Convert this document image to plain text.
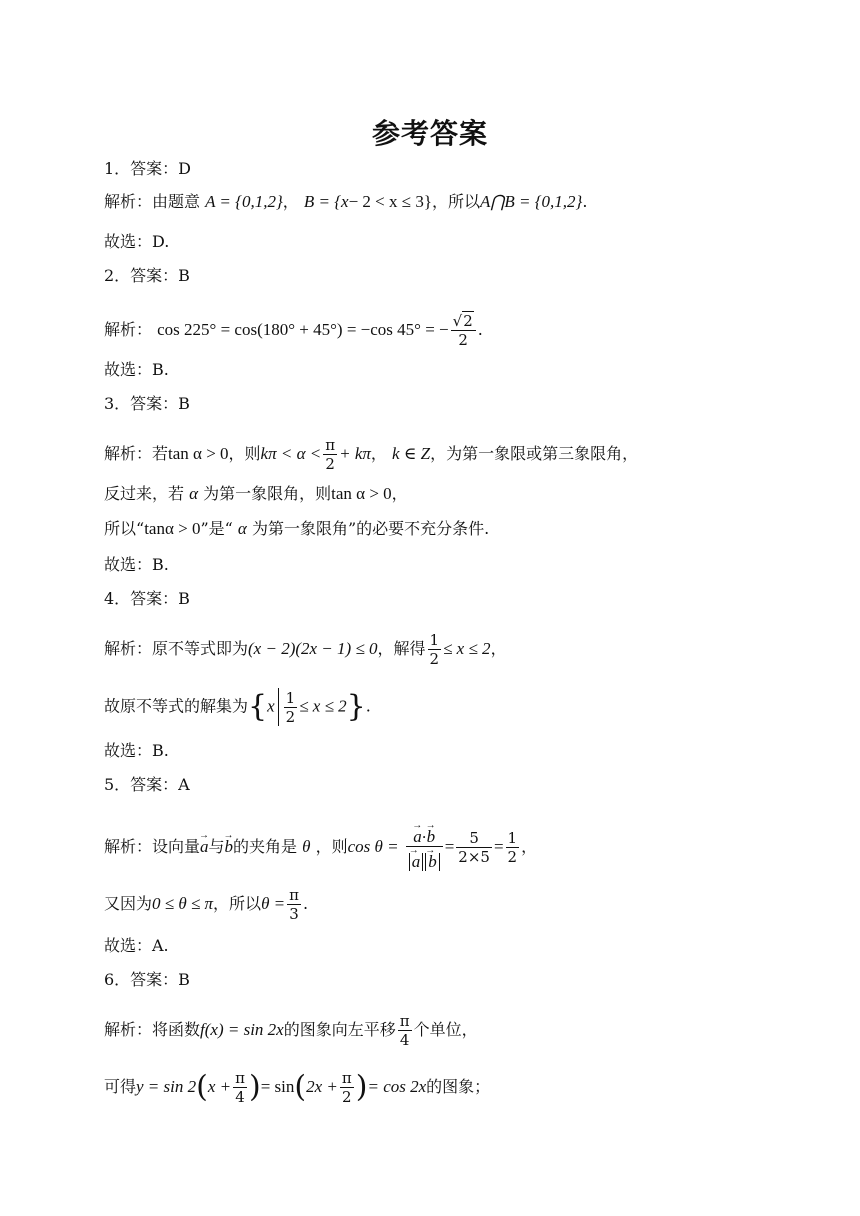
参考答案
1．答案：D
解析：由题意 A = {0,1,2}， B = {x− 2 < x ≤ 3}，所以A⋂B = {0,1,2}.
故选：D.
2．答案：B
解析： cos 225° = cos(180° + 45°) = −cos 45° = − $\frac{√2}{2}$ .
故选：B.
3．答案：B
解析：若tan α > 0，则$k\pi < \alpha < \frac{\pi}{2} + k\pi$， k ∈ Z，为第一象限或第三象限角，
反过来，若 α 为第一象限角，则tan α > 0，
所以“tanα > 0”是“ α 为第一象限角”的必要不充分条件.
故选：B.
4．答案：B
解析：原不等式即为(x − 2)(2x − 1) ≤ 0，解得 $\frac{1}{2} \le x \le 2$，
故原不等式的解集为$\{x \frac{1}{2} \le x \le 2\}$.
故选：B.
5．答案：A
解析：设向量→ a与→ b的夹角是 θ ，则cos θ = → a·→ b
→ $a \to b = \frac{5}{2\times 5} = \frac{1}{2}$ ，
又因为0 ≤ θ ≤ π，所以$\theta = \frac{\pi}{3}$ .
故选：A.
6．答案：B
解析：将函数f(x) = sin 2x的图象向左平移 $\frac{\pi}{4}$ 个单位，
可得$y = \sin 2(x + \frac{\pi}{4}$ )= $\sin(2x + \frac{\pi}{2}$ )= cos 2x的图象；
